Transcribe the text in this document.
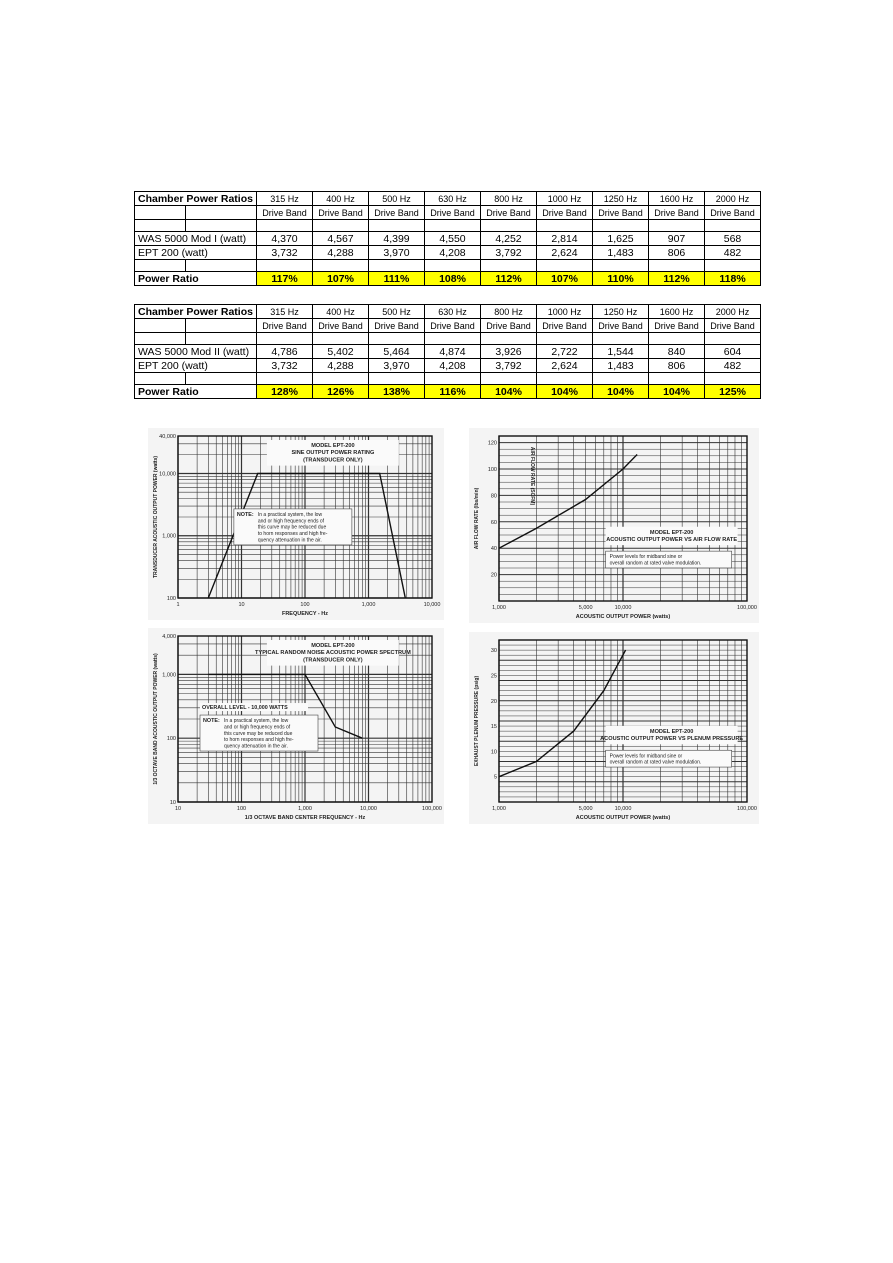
Chamber Power Ratios		315 Hz	400 Hz	500 Hz	630 Hz	800 Hz	1000 Hz	1250 Hz	1600 Hz	2000 Hz
		Drive Band	Drive Band	Drive Band	Drive Band	Drive Band	Drive Band	Drive Band	Drive Band	Drive Band

WAS 5000 Mod I (watt)		4,370	4,567	4,399	4,550	4,252	2,814	1,625	907	568
EPT 200 (watt)		3,732	4,288	3,970	4,208	3,792	2,624	1,483	806	482

Power Ratio		117%	107%	111%	108%	112%	107%	110%	112%	118%
Chamber Power Ratios		315 Hz	400 Hz	500 Hz	630 Hz	800 Hz	1000 Hz	1250 Hz	1600 Hz	2000 Hz
		Drive Band	Drive Band	Drive Band	Drive Band	Drive Band	Drive Band	Drive Band	Drive Band	Drive Band

WAS 5000 Mod II (watt)		4,786	5,402	5,464	4,874	3,926	2,722	1,544	840	604
EPT 200 (watt)		3,732	4,288	3,970	4,208	3,792	2,624	1,483	806	482

Power Ratio		128%	126%	138%	116%	104%	104%	104%	104%	125%
1	10	100	1,000	10,000
100
1,000
10,000
40,000
FREQUENCY - Hz
TRANSDUCER ACOUSTIC OUTPUT POWER (watts)
MODEL EPT-200
SINE OUTPUT POWER RATING
(TRANSDUCER ONLY)
NOTE: In a practical system, the low
and or high frequency ends of
this curve may be reduced due
to horn responses and high fre-
quency attenuation in the air.
1,000	5,000	10,000	100,000
20
40
60
80
100
120
ACOUSTIC OUTPUT POWER (watts)
AIR FLOW RATE (lbs/min)
AIR FLOW RATE (SCFM)
MODEL EPT-200
ACOUSTIC OUTPUT POWER VS AIR FLOW RATE
Power levels for midband sine or
overall random at rated valve modulation.
10	100	1,000	10,000	100,000
10
100
1,000
4,000
1/3 OCTAVE BAND CENTER FREQUENCY - Hz
1/3 OCTAVE BAND ACOUSTIC OUTPUT POWER (watts)
MODEL EPT-200
TYPICAL RANDOM NOISE ACOUSTIC POWER SPECTRUM
(TRANSDUCER ONLY)
OVERALL LEVEL - 10,000 WATTS
NOTE: In a practical system, the low
and or high frequency ends of
this curve may be reduced due
to horn responses and high fre-
quency attenuation in the air.
1,000	5,000	10,000	100,000
5
10
15
20
25
30
ACOUSTIC OUTPUT POWER (watts)
EXHAUST PLENUM PRESSURE (psig)	MODEL EPT-200
ACOUSTIC OUTPUT POWER VS PLENUM PRESSURE
Power levels for midband sine or
overall random at rated valve modulation.
